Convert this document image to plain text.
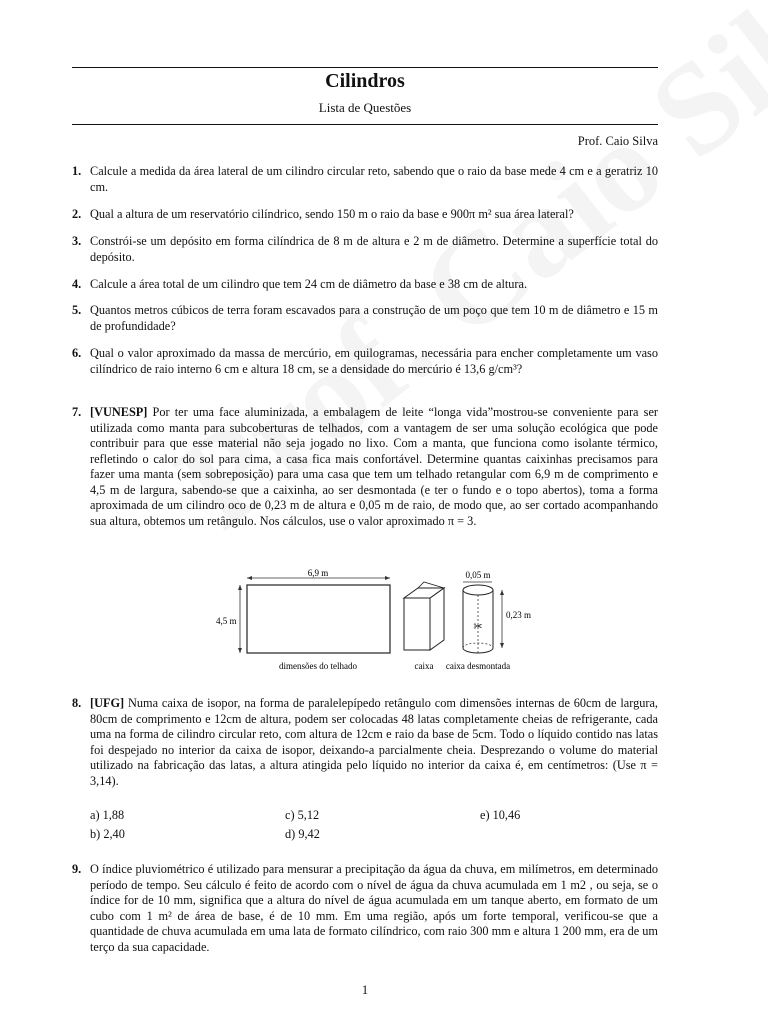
Cilindros
Lista de Questões
Prof. Caio Silva
1. Calcule a medida da área lateral de um cilindro circular reto, sabendo que o raio da base mede 4 cm e a geratriz 10 cm.
2. Qual a altura de um reservatório cilíndrico, sendo 150 m o raio da base e 900π m² sua área lateral?
3. Constrói-se um depósito em forma cilíndrica de 8 m de altura e 2 m de diâmetro. Determine a superfície total do depósito.
4. Calcule a área total de um cilindro que tem 24 cm de diâmetro da base e 38 cm de altura.
5. Quantos metros cúbicos de terra foram escavados para a construção de um poço que tem 10 m de diâmetro e 15 m de profundidade?
6. Qual o valor aproximado da massa de mercúrio, em quilogramas, necessária para encher completamente um vaso cilíndrico de raio interno 6 cm e altura 18 cm, se a densidade do mercúrio é 13,6 g/cm³?
7. [VUNESP] Por ter uma face aluminizada, a embalagem de leite “longa vida”mostrou-se conveniente para ser utilizada como manta para subcoberturas de telhados, com a vantagem de ser uma solução ecológica que pode contribuir para que esse material não seja jogado no lixo. Com a manta, que funciona como isolante térmico, refletindo o calor do sol para cima, a casa fica mais confortável. Determine quantas caixinhas precisamos para fazer uma manta (sem sobreposição) para uma casa que tem um telhado retangular com 6,9 m de comprimento e 4,5 m de largura, sabendo-se que a caixinha, ao ser desmontada (e ter o fundo e o topo abertos), toma a forma aproximada de um cilindro oco de 0,23 m de altura e 0,05 m de raio, de modo que, ao ser cortado acompanhando sua altura, obtemos um retângulo. Nos cálculos, use o valor aproximado π = 3.
6,9 m
4,5 m
dimensões do telhado	caixa
0,05 m
✂
0,23 m
caixa desmontada
8. [UFG] Numa caixa de isopor, na forma de paralelepípedo retângulo com dimensões internas de 60cm de largura, 80cm de comprimento e 12cm de altura, podem ser colocadas 48 latas completamente cheias de refrigerante, cada uma na forma de cilindro circular reto, com altura de 12cm e raio da base de 5cm. Todo o líquido contido nas latas foi despejado no interior da caixa de isopor, deixando-a parcialmente cheia. Desprezando o volume do material utilizado na fabricação das latas, a altura atingida pelo líquido no interior da caixa é, em centímetros: (Use π = 3,14).
a) 1,88
b) 2,40
c) 5,12
d) 9,42
e) 10,46
9. O índice pluviométrico é utilizado para mensurar a precipitação da água da chuva, em milímetros, em determinado período de tempo. Seu cálculo é feito de acordo com o nível de água da chuva acumulada em 1 m2 , ou seja, se o índice for de 10 mm, significa que a altura do nível de água acumulada em um tanque aberto, em formato de um cubo com 1 m² de área de base, é de 10 mm. Em uma região, após um forte temporal, verificou-se que a quantidade de chuva acumulada em uma lata de formato cilíndrico, com raio 300 mm e altura 1 200 mm, era de um terço da sua capacidade.
1
